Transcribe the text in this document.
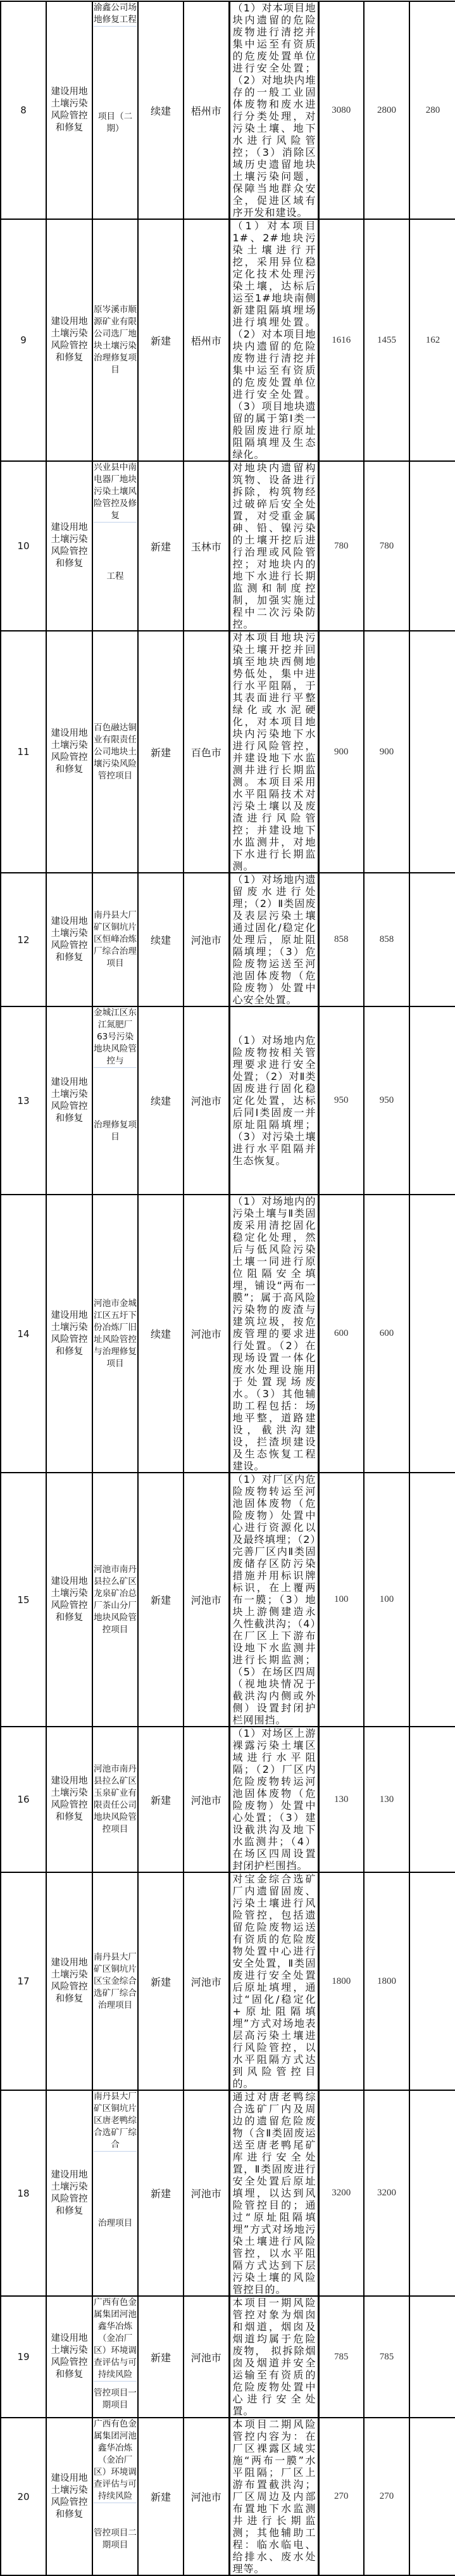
8	建设用地土壤污染风险管控和修复	渝鑫公司场地修复工程
项目（二期）	续建	梧州市	（1）对本项目地块内遗留的危险废物进行清挖并集中运至有资质的危废处置单位进行安全处置；（2）对地块内堆存的一般工业固体废物和废水进行分类处理，对污染土壤、地下水进行风险管控；（3）消除区域历史遗留地块土壤污染问题，保障当地群众安全，促进区域有序开发和建设。	3080	2800	280
9	建设用地土壤污染风险管控和修复	原岑溪市顺源矿业有限公司选厂地块土壤污染治理修复项目	新建	梧州市	（1）对本项目1#、2#地块污染土壤进行开挖，采用异位稳定化技术处理污染土壤，达标后运至1#地块南侧新建阻隔填埋场进行填埋处置。（2）对本项目地块内遗留的危险废物进行清挖并集中运至有资质的危废处置单位进行安全处置。（3）项目地块遗留的属于第Ⅰ类一般固废进行原址阻隔填埋及生态绿化。	1616	1455	162
10	建设用地土壤污染风险管控和修复	兴业县中南电器厂地块污染土壤风险管控及修复
工程	新建	玉林市	对地块内遗留构筑物、设备进行拆除，构筑物经过破碎后安全处置，对受重金属砷、铅、镍污染的土壤开挖后进行治理或风险管控；对地块内的地下水进行长期监测和制度控制，加强实施过程中二次污染防控。	780	780	
11	建设用地土壤污染风险管控和修复	百色融达铜业有限责任公司地块土壤污染风险管控项目	新建	百色市	对本项目地块污染土壤开挖并回填至地块西侧地势低处，集中进行水平阻隔，于其表面进行平整绿化或水泥硬化，对本项目地块内污染地下水进行风险管控，并建设地下水监测井进行长期监测。本项目采用水平阻隔技术对污染土壤以及废渣进行风险管控；并建设地下水监测井，对地下水进行长期监测。	900	900	
12	建设用地土壤污染风险管控和修复	南丹县大厂矿区铜坑片区恒峰冶炼厂综合治理项目	续建	河池市	（1）对场地内遗留废水进行处理；（2）Ⅱ类固废及表层污染土壤通过固化/稳定化处理后，原址阻隔填埋；（3）危险废物运送至河池固体废物（危险废物）处置中心安全处置。	858	858	
13	建设用地土壤污染风险管控和修复	金城江区东江氮肥厂63号污染地块风险管控与
治理修复项目	续建	河池市	（1）对场地内危险废物按相关管理要求进行安全处置；（2）对Ⅱ类固废进行固化稳定化处置，达标后同Ⅰ类固废一并原址阻隔填埋；（3）对污染土壤进行水平阻隔并生态恢复。	950	950	
14	建设用地土壤污染风险管控和修复	河池市金城江区五圩下份冶炼厂旧址风险管控与治理修复项目	续建	河池市	（1）对场地内的污染土壤与Ⅱ类固废采用清挖固化稳定化处理，然后与低风险污染土壤一同进行原位阻隔安全填埋，铺设“两布一膜”；属于高风险污染物的废渣与建筑垃圾，按危废管理的要求进行处置。（2）在现场设置一体化废水处理设施用于处置现场废水。（3）其他辅助工程包括：场地平整，道路建设，截洪沟建设，拦渣坝建设及生态恢复工程建设。	600	600	
15	建设用地土壤污染风险管控和修复	河池市南丹县拉么矿区龙泉矿冶总厂茶山分厂地块风险管控项目	新建	河池市	（1）对厂区内危险废物转运至河池固体废物（危险废物）处置中心进行资源化以及最终填埋；（2）完善厂区内Ⅱ类固废储存区防污染措施并用标识牌标识，在上覆两布一膜；（3）地块上游侧建造永久性截洪沟；（4）在厂区上下游布设地下水监测井进行长期监测；（5）在场区四周（视地块情况于截洪沟内侧或外侧）设置封闭护栏网围挡。	100	100	
16	建设用地土壤污染风险管控和修复	河池市南丹县拉么矿区玉泉矿业有限责任公司地块风险管控项目	新建	河池市	（1）对场区上游裸露污染土壤区域进行水平阻隔；（2）厂区内危险废物转运河池固体废物（危险废物）处置中心处置；（3）建设截洪沟及地下水监测井；（4）在场区四周设置封闭护栏围挡。	130	130	
17	建设用地土壤污染风险管控和修复	南丹县大厂矿区铜坑片区宝金综合选矿厂综合治理项目	新建	河池市	对宝金综合选矿厂内遗留固废、污染土壤进行风险管控，包括遗留危险废物运送有资质的危险废物处置中心进行安全处置，Ⅱ类固废进行安全处置后原址填埋，通过“固化/稳定化+原址阻隔填埋”方式对场地表层高污染土壤进行风险管控，以水平阻隔方式达到风险管控目的。	1800	1800	
18	建设用地土壤污染风险管控和修复	南丹县大厂矿区铜坑片区唐老鸭综合选矿厂综合
治理项目	新建	河池市	通过对唐老鸭综合选矿厂内及周边的遗留危险废物（含Ⅱ类固废运送至唐老鸭尾矿库进行安全处置，Ⅱ类固废进行安全处置后原址填埋，以达到风险管控目的；通过“原址阻隔填埋”方式对场地污染土壤进行风险管控，以水平阻隔方式达到下层污染土壤的风险管控目的。	3200	3200	
19	建设用地土壤污染风险管控和修复	广西有色金属集团河池鑫华冶炼（金冶厂区）环境调查评估与可持续风险
管控项目一期项目	新建	河池市	本项目一期风险管控对象为烟囱和烟道，烟囱及烟道均属于危险废物， 拟拆除烟囱及烟道并安全运输至有资质的危险废物处置中心进行安全处置。	785	785	
20	建设用地土壤污染风险管控和修复	广西有色金属集团河池鑫华冶炼（金冶厂区）环境调查评估与可持续风险
管控项目二期项目	新建	河池市	本项目二期风险管控内容为：在厂区裸露区域实施“两布一膜”水平阻隔；厂区上游布置截洪沟；厂区周边及内部布置地下水监测井进行长期监测；其他辅助工程：临水临电、给排水、废水处理等。	270	270	
